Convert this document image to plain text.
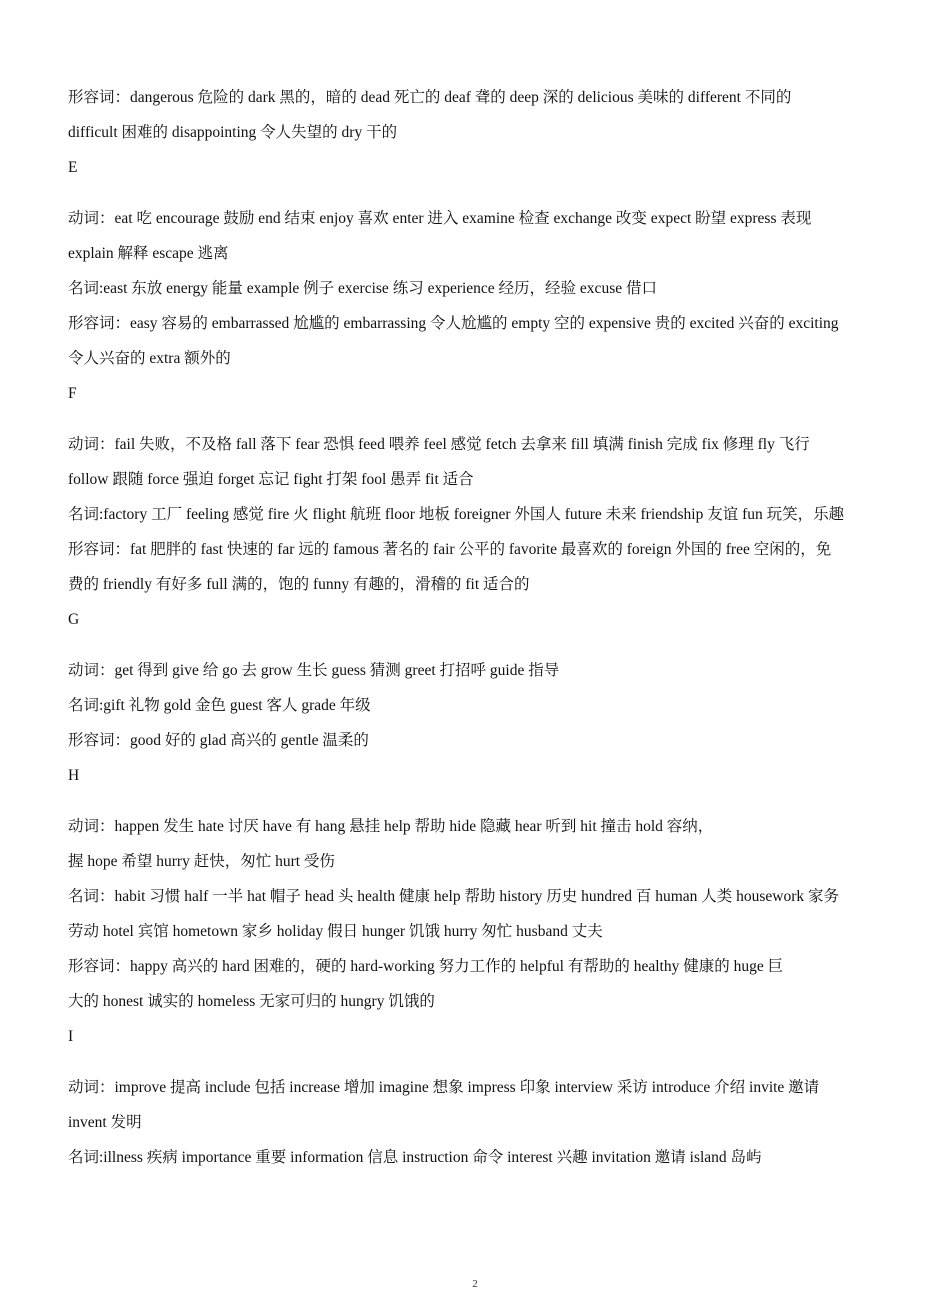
形容词：dangerous 危险的 dark 黑的，暗的 dead 死亡的 deaf 聋的 deep 深的 delicious 美味的 different 不同的
difficult 困难的 disappointing 令人失望的 dry 干的
E
动词：eat 吃 encourage 鼓励 end 结束 enjoy 喜欢 enter 进入 examine 检查 exchange 改变 expect 盼望 express 表现
explain 解释 escape 逃离
名词:east 东放 energy 能量 example 例子 exercise 练习 experience 经历，经验 excuse 借口
形容词：easy 容易的 embarrassed 尬尴的 embarrassing 令人尬尴的 empty 空的 expensive 贵的 excited 兴奋的 exciting
令人兴奋的 extra 额外的
F
动词：fail 失败，不及格 fall 落下 fear 恐惧 feed 喂养 feel 感觉 fetch 去拿来 fill 填满 finish 完成 fix 修理 fly 飞行
follow 跟随 force 强迫 forget 忘记 fight 打架 fool 愚弄 fit 适合
名词:factory 工厂 feeling 感觉 fire 火 flight 航班 floor 地板 foreigner 外国人 future 未来 friendship 友谊 fun 玩笑，乐趣
形容词：fat 肥胖的 fast 快速的 far 远的 famous 著名的 fair 公平的 favorite 最喜欢的 foreign 外国的 free 空闲的，免
费的 friendly 有好多 full 满的，饱的 funny 有趣的，滑稽的 fit 适合的
G
动词：get 得到 give 给 go 去 grow 生长 guess 猜测 greet 打招呼 guide 指导
名词:gift 礼物 gold 金色 guest 客人 grade 年级
形容词：good 好的 glad 高兴的 gentle 温柔的
H
动词：happen 发生 hate 讨厌 have 有 hang 悬挂 help 帮助 hide 隐藏 hear 听到 hit 撞击 hold 容纳，
握 hope 希望 hurry 赶快，匆忙 hurt 受伤
名词：habit 习惯 half 一半 hat 帽子 head 头 health 健康 help 帮助 history 历史 hundred 百 human 人类 housework 家务
劳动 hotel 宾馆 hometown 家乡 holiday 假日 hunger 饥饿 hurry 匆忙 husband 丈夫
形容词：happy 高兴的 hard 困难的，硬的 hard-working 努力工作的 helpful 有帮助的 healthy 健康的 huge 巨
大的 honest 诚实的 homeless 无家可归的 hungry 饥饿的
I
动词：improve 提高 include 包括 increase 增加 imagine 想象 impress 印象 interview 采访 introduce 介绍 invite 邀请
invent 发明
名词:illness 疾病 importance 重要 information 信息 instruction 命令 interest 兴趣 invitation 邀请 island 岛屿
2
